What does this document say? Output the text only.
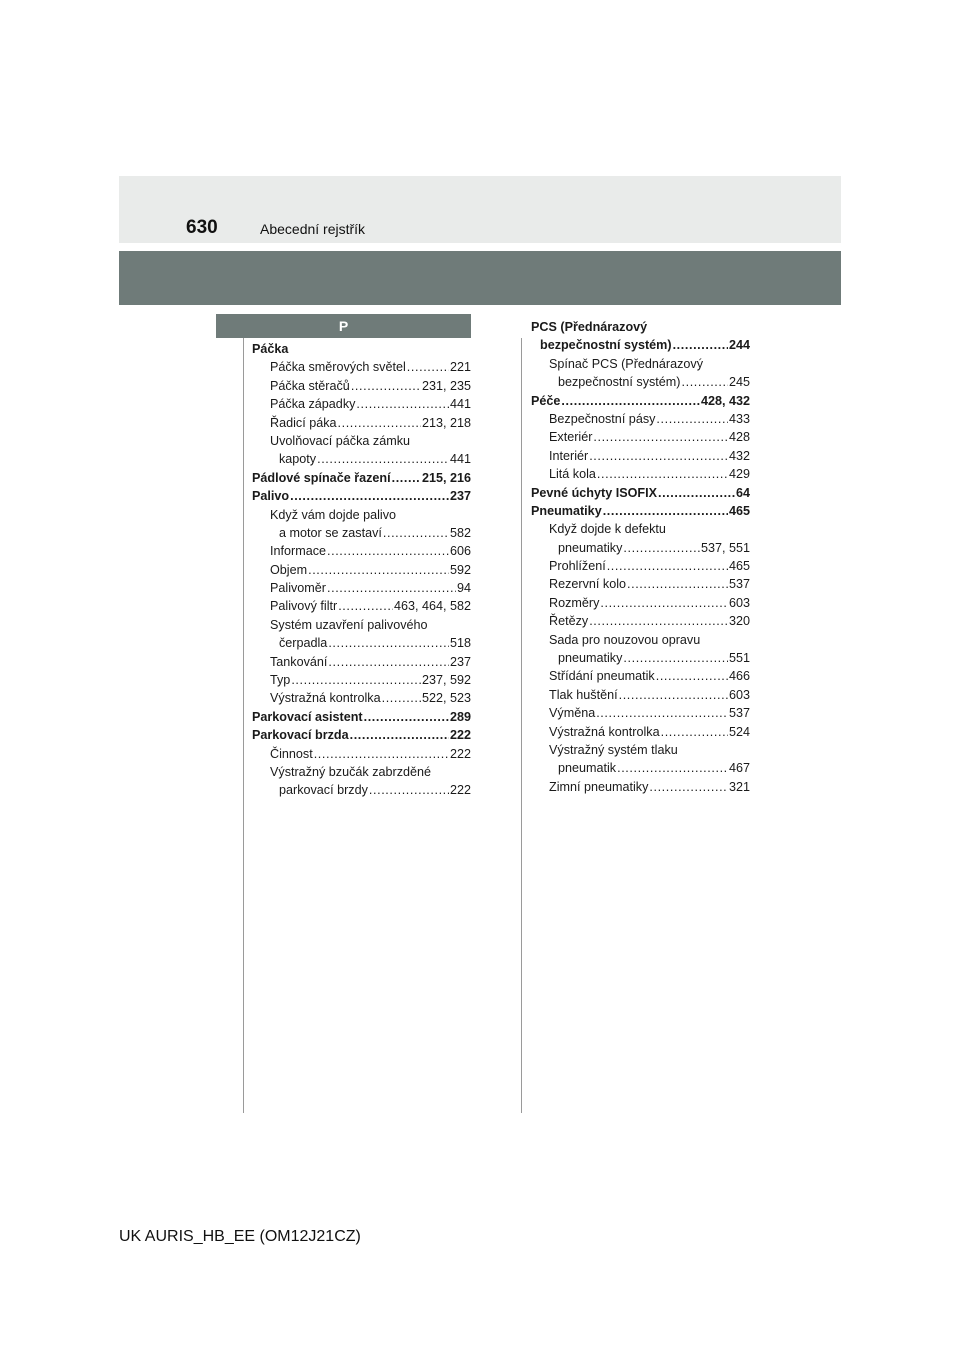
630	Abecední rejstřík
P
Páčka
Páčka směrových světel .....	221
Páčka stěračů .....	231, 235
Páčka západky .....	441
Řadicí páka .....	213, 218
Uvolňovací páčka zámku
kapoty .....	441
Pádlové spínače řazení ..... 215, 216
Palivo .....	237
Když vám dojde palivo
a motor se zastaví .....	582
Informace .....	606
Objem .....	592
Palivoměr .....	94
Palivový filtr .....	463, 464, 582
Systém uzavření palivového
čerpadla .....	518
Tankování .....	237
Typ .....	237, 592
Výstražná kontrolka .....	522, 523
Parkovací asistent .....	289
Parkovací brzda .....	222
Činnost .....	222
Výstražný bzučák zabrzděné
parkovací brzdy .....	222
PCS (Přednárazový
bezpečnostní systém) .....	244
Spínač PCS (Přednárazový
bezpečnostní systém) .....	245
Péče .....	428, 432
Bezpečnostní pásy .....	433
Exteriér .....	428
Interiér .....	432
Litá kola .....	429
Pevné úchyty ISOFIX .....	64
Pneumatiky .....	465
Když dojde k defektu
pneumatiky .....	537, 551
Prohlížení .....	465
Rezervní kolo .....	537
Rozměry .....	603
Řetězy .....	320
Sada pro nouzovou opravu
pneumatiky .....	551
Střídání pneumatik .....	466
Tlak huštění .....	603
Výměna .....	537
Výstražná kontrolka .....	524
Výstražný systém tlaku
pneumatik .....	467
Zimní pneumatiky .....	321
UK AURIS_HB_EE (OM12J21CZ)
